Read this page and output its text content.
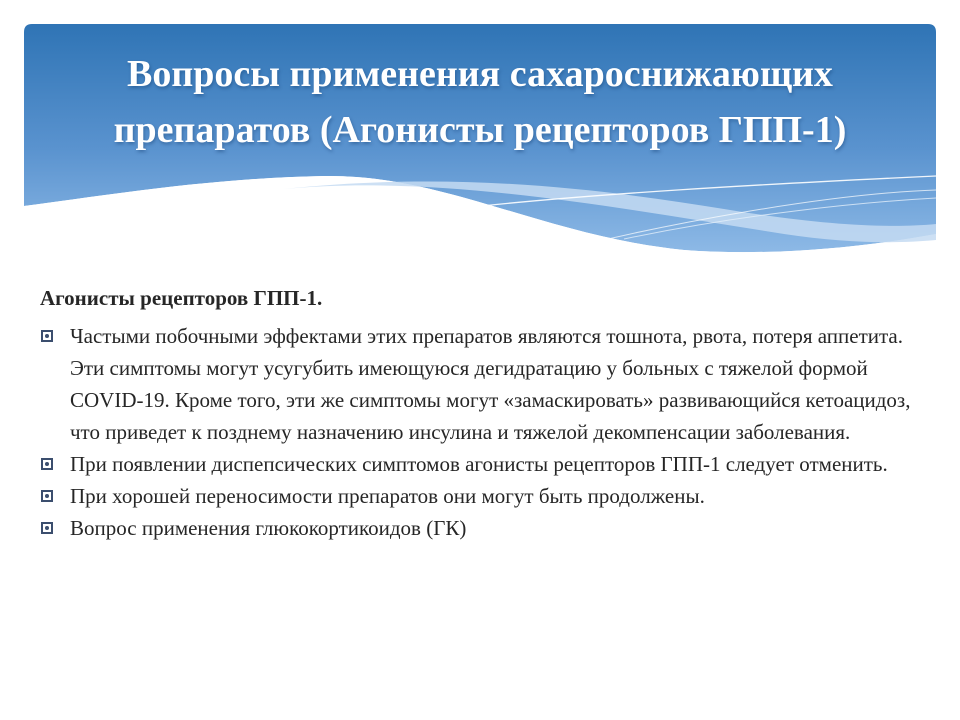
Вопросы применения сахароснижающих
препаратов (Агонисты рецепторов ГПП-1)
Агонисты рецепторов ГПП-1.
Частыми побочными эффектами этих препаратов являются тошнота, рвота, потеря аппетита. Эти симптомы могут усугубить имеющуюся дегидратацию у больных с тяжелой формой COVID-19. Кроме того, эти же симптомы могут «замаскировать» развивающийся кетоацидоз, что приведет к позднему назначению инсулина и тяжелой декомпенсации заболевания.
При появлении диспепсических симптомов агонисты рецепторов ГПП-1 следует отменить.
При хорошей переносимости препаратов они могут быть продолжены.
Вопрос применения глюкокортикоидов (ГК)
